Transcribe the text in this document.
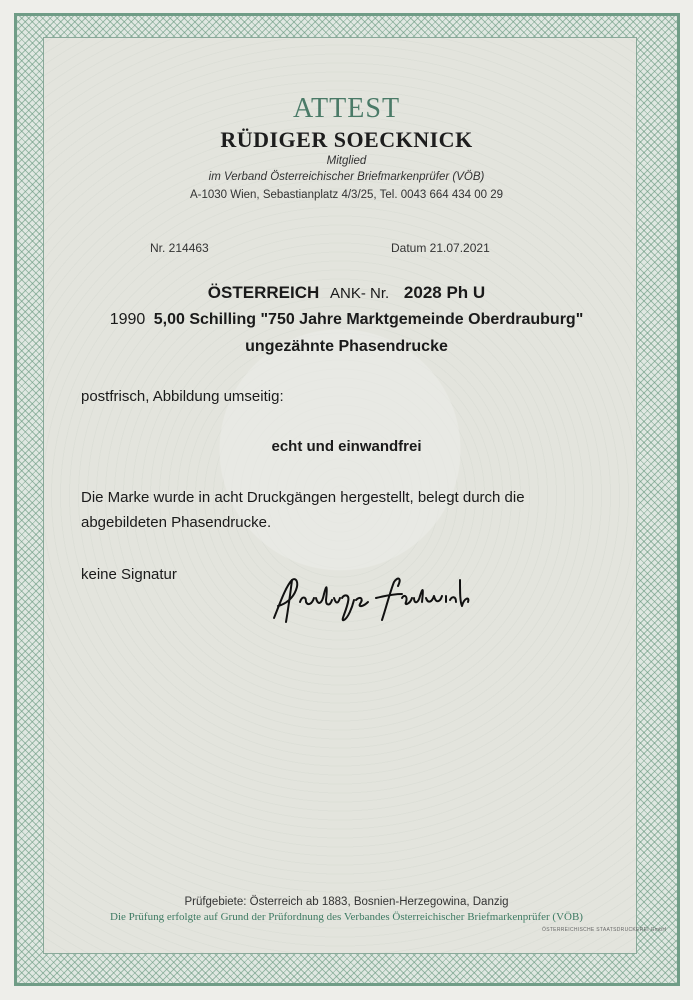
ATTEST
RÜDIGER SOECKNICK
Mitglied
im Verband Österreichischer Briefmarkenprüfer (VÖB)
A-1030 Wien, Sebastianplatz 4/3/25, Tel. 0043 664 434 00 29
Nr. 214463	Datum 21.07.2021
ÖSTERREICH ANK- Nr. 2028 Ph U
1990 5,00 Schilling "750 Jahre Marktgemeinde Oberdrauburg"
ungezähnte Phasendrucke
postfrisch, Abbildung umseitig:
echt und einwandfrei
Die Marke wurde in acht Druckgängen hergestellt, belegt durch die
abgebildeten Phasendrucke.
keine Signatur
Prüfgebiete: Österreich ab 1883, Bosnien-Herzegowina, Danzig
Die Prüfung erfolgte auf Grund der Prüfordnung des Verbandes Österreichischer Briefmarkenprüfer (VÖB)
ÖSTERREICHISCHE STAATSDRUCKEREI GmbH
